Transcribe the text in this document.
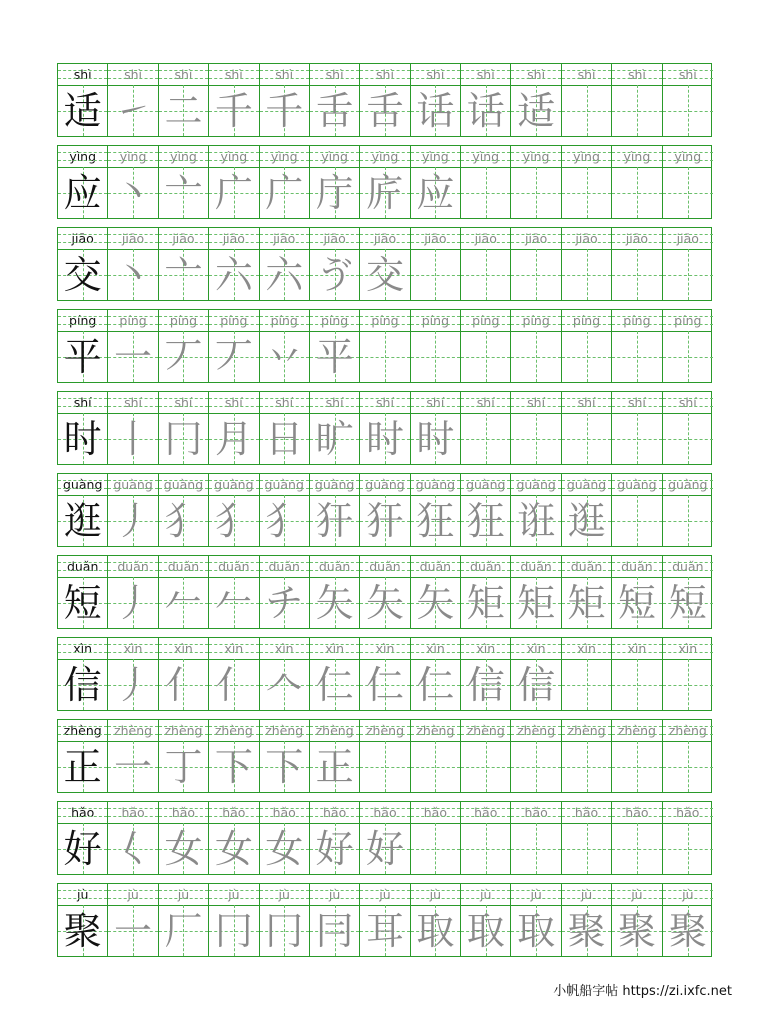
shì	shì	shì	shì	shì	shì	shì	shì	shì	shì	shì	shì	shì
适 ㇀ 二 千 千 舌 舌 话 话 适
yìng	yìng	yìng	yìng	yìng	yìng	yìng	yìng	yìng	yìng	yìng	yìng	yìng
应 丶 亠 广 广 庁 庍 应
jiāo	jiāo	jiāo	jiāo	jiāo	jiāo	jiāo	jiāo	jiāo	jiāo	jiāo	jiāo	jiāo
交 丶 亠 六 六 ゔ 交
píng	píng	píng	píng	píng	píng	píng	píng	píng	píng	píng	píng	píng
平 一 丆 丆 丷 平
shí	shí	shí	shí	shí	shí	shí	shí	shí	shí	shí	shí	shí
时 丨 冂 月 日 旷 时 时
guàng guàng guàng guàng guàng guàng guàng guàng guàng guàng guàng guàng guàng
逛 丿 犭 犭 犭 犴 犴 狂 狂 诳 逛
duǎn	duǎn	duǎn	duǎn	duǎn	duǎn	duǎn	duǎn	duǎn	duǎn	duǎn	duǎn	duǎn
短 丿 𠂉 𠂉 チ 矢 矢 矢 矩 矩 矩 短 短
xìn	xìn	xìn	xìn	xìn	xìn	xìn	xìn	xìn	xìn	xìn	xìn	xìn
信 丿 亻 亻 𠆢 仁 仁 仁 信 信
zhèng zhèng zhèng zhèng zhèng zhèng zhèng zhèng zhèng zhèng zhèng zhèng	zhèng
正 一 丁 下 下 正
hǎo	hǎo	hǎo	hǎo	hǎo	hǎo	hǎo	hǎo	hǎo	hǎo	hǎo	hǎo	hǎo
好 𡿨 女 女 女 好 好
jù	jù	jù	jù	jù	jù	jù	jù	jù	jù	jù	jù	jù
聚 一 厂 冂 冂 冃 耳 取 取 取 聚 聚 聚
小帆船字帖 https://zi.ixfc.net
